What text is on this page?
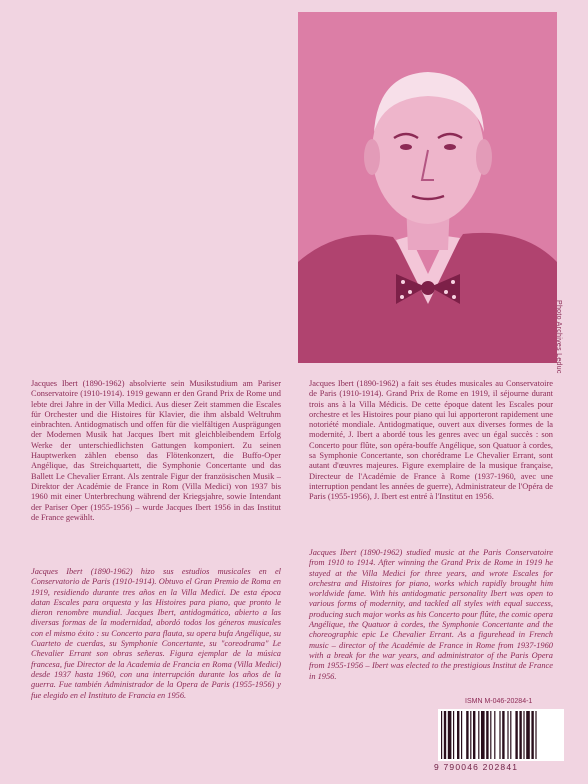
Photo Archives Leduc

Jacques Ibert (1890-1962) absolvierte sein Musikstudium am Pariser Conservatoire (1910-1914). 1919 gewann er den Grand Prix de Rome und lebte drei Jahre in der Villa Medici. Aus dieser Zeit stammen die Escales für Orchester und die Histoires für Klavier, die ihm alsbald Weltruhm einbrachten. Antidogmatisch und offen für die vielfältigen Ausprägungen der Modernen Musik hat Jacques Ibert mit gleichbleibendem Erfolg Werke der unterschiedlichsten Gattungen komponiert. Zu seinen Hauptwerken zählen ebenso das Flötenkonzert, die Buffo-Oper Angélique, das Streichquartett, die Symphonie Concertante und das Ballett Le Chevalier Errant. Als zentrale Figur der französischen Musik – Direktor der Académie de France in Rom (Villa Medici) von 1937 bis 1960 mit einer Unterbrechung während der Kriegsjahre, sowie Intendant der Pariser Oper (1955-1956) – wurde Jacques Ibert 1956 in das Institut de France gewählt.

Jacques Ibert (1890-1962) a fait ses études musicales au Conservatoire de Paris (1910-1914). Grand Prix de Rome en 1919, il séjourne durant trois ans à la Villa Médicis. De cette époque datent les Escales pour orchestre et les Histoires pour piano qui lui apporteront rapidement une notoriété mondiale. Antidogmatique, ouvert aux diverses formes de la modernité, J. Ibert a abordé tous les genres avec un égal succès : son Concerto pour flûte, son opéra-bouffe Angélique, son Quatuor à cordes, sa Symphonie Concertante, son chorédrame Le Chevalier Errant, sont autant d'œuvres majeures. Figure exemplaire de la musique française, Directeur de l'Académie de France à Rome (1937-1960, avec une interruption pendant les années de guerre), Administrateur de l'Opéra de Paris (1955-1956), J. Ibert est entré à l'Institut en 1956.

Jacques Ibert (1890-1962) hizo sus estudios musicales en el Conservatorio de Paris (1910-1914). Obtuvo el Gran Premio de Roma en 1919, residiendo durante tres años en la Villa Medici. De esta época datan Escales para orquesta y las Histoires para piano, que pronto le dieron renombre mundial. Jacques Ibert, antidogmático, abierto a las diversas formas de la modernidad, abordó todos los géneros musicales con el mismo éxito : su Concerto para flauta, su opera bufa Angélique, su Cuarteto de cuerdas, su Symphonie Concertante, su "coreodrama" Le Chevalier Errant son obras señeras. Figura ejemplar de la música francesa, fue Director de la Academia de Francia en Roma (Villa Medici) desde 1937 hasta 1960, con una interrupción durante los años de la guerra. Fue también Administrador de la Opera de Paris (1955-1956) y fue elegido en el Instituto de Francia en 1956.

Jacques Ibert (1890-1962) studied music at the Paris Conservatoire from 1910 to 1914. After winning the Grand Prix de Rome in 1919 he stayed at the Villa Medici for three years, and wrote Escales for orchestra and Histoires for piano, works which rapidly brought him worldwide fame. With his antidogmatic personality Ibert was open to various forms of modernity, and tackled all styles with equal success, producing such major works as his Concerto pour flûte, the comic opera Angélique, the Quatuor à cordes, the Symphonie Concertante and the choreographic epic Le Chevalier Errant. As a figurehead in French music – director of the Académie de France in Rome from 1937-1960 with a break for the war years, and administrator of the Paris Opera from 1955-1956 – Ibert was elected to the prestigious Institut de France in 1956.

ISMN M-046-20284-1
9 790046 202841
